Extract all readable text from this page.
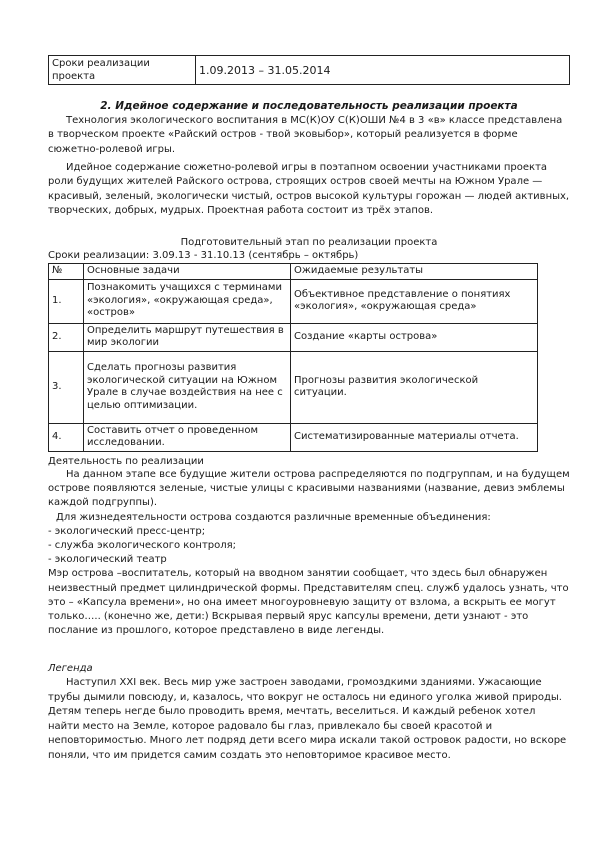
Сроки реализации проекта	1.09.2013 – 31.05.2014
2. Идейное содержание и последовательность реализации проекта

Технология экологического воспитания в МС(К)ОУ С(К)ОШИ №4 в 3 «в» классе представлена в творческом проекте «Райский остров - твой эковыбор», который реализуется в форме сюжетно-ролевой игры.

Идейное содержание сюжетно-ролевой игры в поэтапном освоении участниками проекта роли будущих жителей Райского острова, строящих остров своей мечты на Южном Урале — красивый, зеленый, экологически чистый, остров высокой культуры горожан — людей активных, творческих, добрых, мудрых. Проектная работа состоит из трёх этапов.

Подготовительный этап по реализации проекта
Сроки реализации: 3.09.13 - 31.10.13 (сентябрь – октябрь)
№	Основные задачи	Ожидаемые результаты
1.	Познакомить учащихся с терминами «экология», «окружающая среда», «остров»	Объективное представление о понятиях «экология», «окружающая среда»
2.	Определить маршрут путешествия в мир экологии	Создание «карты острова»
3.	Сделать прогнозы развития экологической ситуации на Южном Урале в случае воздействия на нее с целью оптимизации.	Прогнозы развития экологической ситуации.
4.	Составить отчет о проведенном исследовании.	Систематизированные материалы отчета.
Деятельность по реализации

На данном этапе все будущие жители острова распределяются по подгруппам, и на будущем острове появляются зеленые, чистые улицы с красивыми названиями (название, девиз эмблемы каждой подгруппы).

Для жизнедеятельности острова создаются различные временные объединения:

- экологический пресс-центр;
- служба экологического контроля;
- экологический театр

Мэр острова –воспитатель, который на вводном занятии сообщает, что здесь был обнаружен неизвестный предмет цилиндрической формы. Представителям спец. служб удалось узнать, что это – «Капсула времени», но она имеет многоуровневую защиту от взлома, а вскрыть ее могут только….. (конечно же, дети:) Вскрывая первый ярус капсулы времени, дети узнают - это послание из прошлого, которое представлено в виде легенды.

Легенда

Наступил XXI век. Весь мир уже застроен заводами, громоздкими зданиями. Ужасающие трубы дымили повсюду, и, казалось, что вокруг не осталось ни единого уголка живой природы. Детям теперь негде было проводить время, мечтать, веселиться. И каждый ребенок хотел найти место на Земле, которое радовало бы глаз, привлекало бы своей красотой и неповторимостью. Много лет подряд дети всего мира искали такой островок радости, но вскоре поняли, что им придется самим создать это неповторимое красивое место.
